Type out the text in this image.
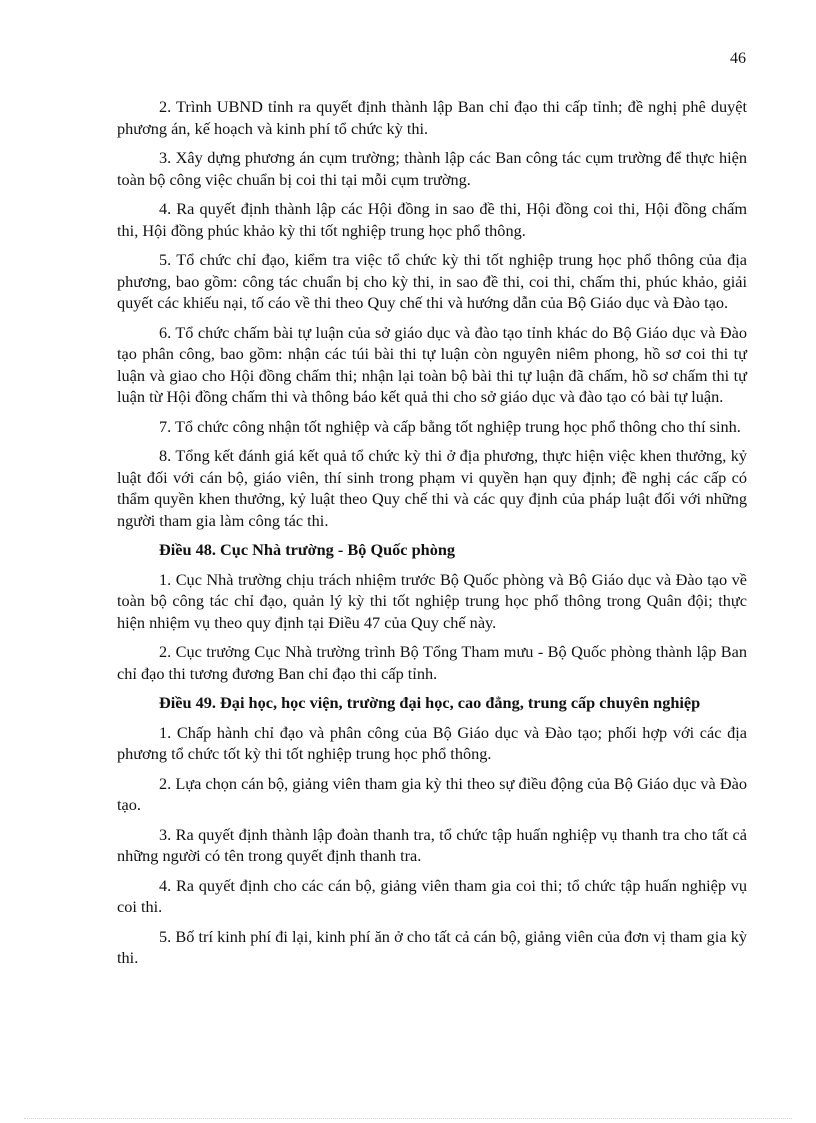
46

2. Trình UBND tỉnh ra quyết định thành lập Ban chỉ đạo thi cấp tỉnh; đề nghị phê duyệt phương án, kế hoạch và kinh phí tổ chức kỳ thi.

3. Xây dựng phương án cụm trường; thành lập các Ban công tác cụm trường để thực hiện toàn bộ công việc chuẩn bị coi thi tại mỗi cụm trường.

4. Ra quyết định thành lập các Hội đồng in sao đề thi, Hội đồng coi thi, Hội đồng chấm thi, Hội đồng phúc khảo kỳ thi tốt nghiệp trung học phổ thông.

5. Tổ chức chỉ đạo, kiểm tra việc tổ chức kỳ thi tốt nghiệp trung học phổ thông của địa phương, bao gồm: công tác chuẩn bị cho kỳ thi, in sao đề thi, coi thi, chấm thi, phúc khảo, giải quyết các khiếu nại, tố cáo về thi theo Quy chế thi và hướng dẫn của Bộ Giáo dục và Đào tạo.

6. Tổ chức chấm bài tự luận của sở giáo dục và đào tạo tỉnh khác do Bộ Giáo dục và Đào tạo phân công, bao gồm: nhận các túi bài thi tự luận còn nguyên niêm phong, hồ sơ coi thi tự luận và giao cho Hội đồng chấm thi; nhận lại toàn bộ bài thi tự luận đã chấm, hồ sơ chấm thi tự luận từ Hội đồng chấm thi và thông báo kết quả thi cho sở giáo dục và đào tạo có bài tự luận.

7. Tổ chức công nhận tốt nghiệp và cấp bằng tốt nghiệp trung học phổ thông cho thí sinh.

8. Tổng kết đánh giá kết quả tổ chức kỳ thi ở địa phương, thực hiện việc khen thưởng, kỷ luật đối với cán bộ, giáo viên, thí sinh trong phạm vi quyền hạn quy định; đề nghị các cấp có thẩm quyền khen thưởng, kỷ luật theo Quy chế thi và các quy định của pháp luật đối với những người tham gia làm công tác thi.

Điều 48. Cục Nhà trường - Bộ Quốc phòng

1. Cục Nhà trường chịu trách nhiệm trước Bộ Quốc phòng và Bộ Giáo dục và Đào tạo về toàn bộ công tác chỉ đạo, quản lý kỳ thi tốt nghiệp trung học phổ thông trong Quân đội; thực hiện nhiệm vụ theo quy định tại Điều 47 của Quy chế này.

2. Cục trưởng Cục Nhà trường trình Bộ Tổng Tham mưu - Bộ Quốc phòng thành lập Ban chỉ đạo thi tương đương Ban chỉ đạo thi cấp tỉnh.

Điều 49. Đại học, học viện, trường đại học, cao đẳng, trung cấp chuyên nghiệp

1. Chấp hành chỉ đạo và phân công của Bộ Giáo dục và Đào tạo; phối hợp với các địa phương tổ chức tốt kỳ thi tốt nghiệp trung học phổ thông.

2. Lựa chọn cán bộ, giảng viên tham gia kỳ thi theo sự điều động của Bộ Giáo dục và Đào tạo.

3. Ra quyết định thành lập đoàn thanh tra, tổ chức tập huấn nghiệp vụ thanh tra cho tất cả những người có tên trong quyết định thanh tra.

4. Ra quyết định cho các cán bộ, giảng viên tham gia coi thi; tổ chức tập huấn nghiệp vụ coi thi.

5. Bố trí kinh phí đi lại, kinh phí ăn ở cho tất cả cán bộ, giảng viên của đơn vị tham gia kỳ thi.
